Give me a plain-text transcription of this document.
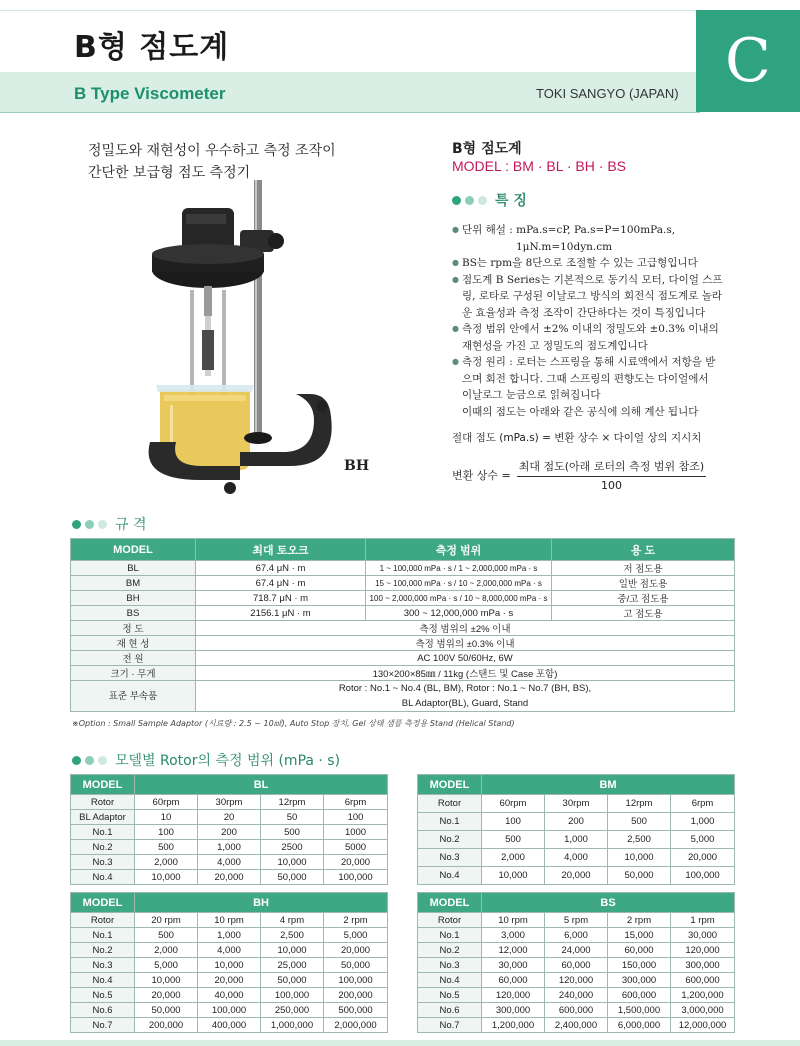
B형 점도계
B Type Viscometer	TOKI SANGYO (JAPAN) C
정밀도와 재현성이 우수하고 측정 조작이
간단한 보급형 점도 측정기
BH
B형 점도계
MODEL : BM · BL · BH · BS
특 징
● 단위 해설 : mPa.s=cP, Pa.s=P=100mPa.s,
1μN.m=10dyn.cm
● BS는 rpm을 8단으로 조절할 수 있는 고급형입니다
● 점도계 B Series는 기본적으로 동기식 모터, 다이얼 스프
링, 로타로 구성된 이날로그 방식의 회전식 점도계로 놀라
운 효율성과 측정 조작이 간단하다는 것이 특징입니다
● 측정 범위 안에서 ±2% 이내의 정밀도와 ±0.3% 이내의
재현성을 가진 고 정밀도의 점도계입니다
● 측정 원리 : 로터는 스프링을 통해 시료액에서 저항을 받
으며 회전 합니다. 그때 스프링의 편향도는 다이얼에서
이날로그 눈금으로 읽혀집니다
이때의 점도는 아래와 같은 공식에 의해 계산 됩니다
절대 점도 (mPa.s) = 변환 상수 × 다이얼 상의 지시치
변환 상수 = $\frac{\text{최대 점도(아래 로터의 측정 범위 참조)}}{100}$
규 격
MODEL	최대 토오크	측정 범위	용 도
BL	67.4 μN · m	1 ~ 100,000 mPa · s / 1 ~ 2,000,000 mPa · s	저 점도용
BM	67.4 μN · m	15 ~ 100,000 mPa · s / 10 ~ 2,000,000 mPa · s	일반 점도용
BH	718.7 μN · m	100 ~ 2,000,000 mPa · s / 10 ~ 8,000,000 mPa · s	중/고 점도용
BS	2156.1 μN · m	300 ~ 12,000,000 mPa · s	고 점도용
정 도	측정 범위의 ±2% 이내		
재 현 성	측정 범위의 ±0.3% 이내		
전 원	AC 100V 50/60Hz, 6W		
크기 · 무게	130×200×85㎜ / 11kg (스탠드 및 Case 포함)		
표준 부속품	Rotor : No.1 ~ No.4 (BL, BM), Rotor : No.1 ~ No.7 (BH, BS),
BL Adaptor(BL), Guard, Stand		
※Option : Small Sample Adaptor (시료량 : 2.5 ~ 10㎖), Auto Stop 장치, Gel 상태 샘플 측정용 Stand (Helical Stand)
모델별 Rotor의 측정 범위 (mPa · s)
MODEL	BL			
Rotor	60rpm	30rpm	12rpm	6rpm
BL Adaptor	10	20	50	100
No.1	100	200	500	1000
No.2	500	1,000	2500	5000
No.3	2,000	4,000	10,000	20,000
No.4	10,000	20,000	50,000	100,000
MODEL	BM			
Rotor	60rpm	30rpm	12rpm	6rpm
No.1	100	200	500	1,000
No.2	500	1,000	2,500	5,000
No.3	2,000	4,000	10,000	20,000
No.4	10,000	20,000	50,000	100,000
MODEL	BH			
Rotor	20 rpm	10 rpm	4 rpm	2 rpm
No.1	500	1,000	2,500	5,000
No.2	2,000	4,000	10,000	20,000
No.3	5,000	10,000	25,000	50,000
No.4	10,000	20,000	50,000	100,000
No.5	20,000	40,000	100,000	200,000
No.6	50,000	100,000	250,000	500,000
No.7	200,000	400,000	1,000,000	2,000,000
MODEL	BS			
Rotor	10 rpm	5 rpm	2 rpm	1 rpm
No.1	3,000	6,000	15,000	30,000
No.2	12,000	24,000	60,000	120,000
No.3	30,000	60,000	150,000	300,000
No.4	60,000	120,000	300,000	600,000
No.5	120,000	240,000	600,000	1,200,000
No.6	300,000	600,000	1,500,000	3,000,000
No.7	1,200,000	2,400,000	6,000,000	12,000,000
